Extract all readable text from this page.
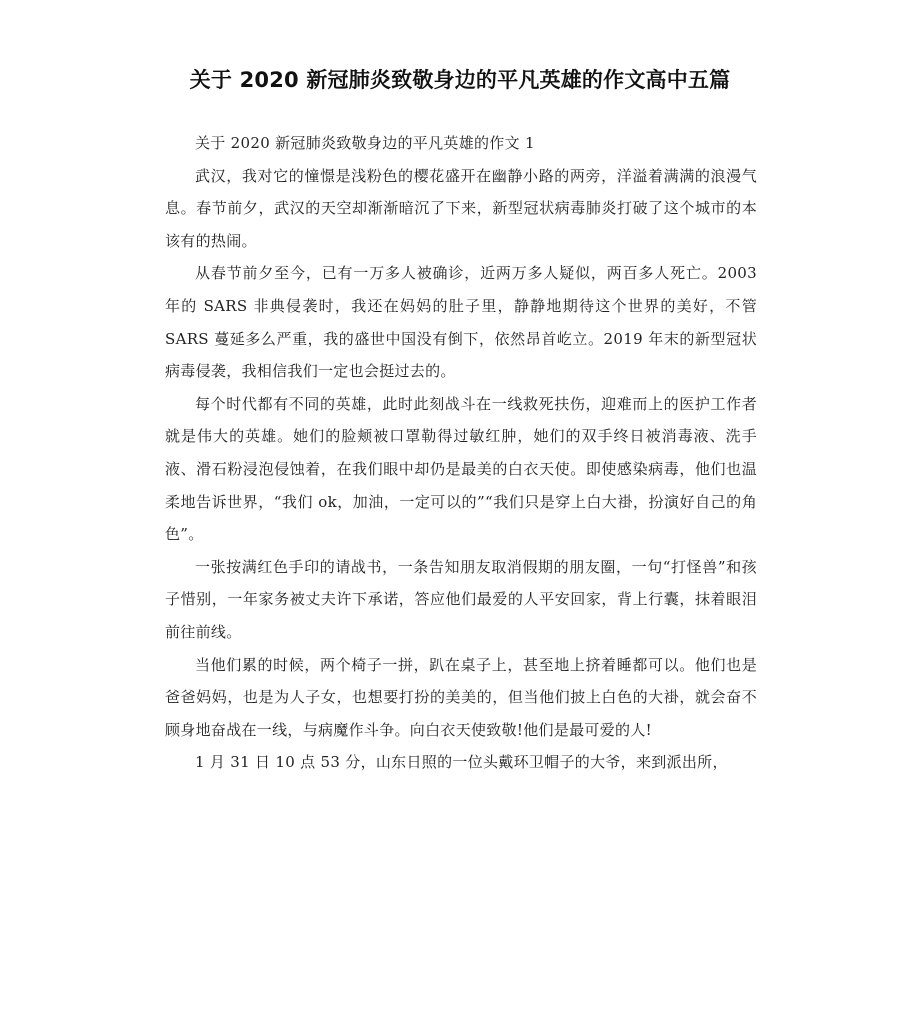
关于 2020 新冠肺炎致敬身边的平凡英雄的作文高中五篇

关于 2020 新冠肺炎致敬身边的平凡英雄的作文 1

武汉，我对它的憧憬是浅粉色的樱花盛开在幽静小路的两旁，洋溢着满满的浪漫气息。春节前夕，武汉的天空却渐渐暗沉了下来，新型冠状病毒肺炎打破了这个城市的本该有的热闹。

从春节前夕至今，已有一万多人被确诊，近两万多人疑似，两百多人死亡。2003 年的 SARS 非典侵袭时，我还在妈妈的肚子里，静静地期待这个世界的美好，不管 SARS 蔓延多么严重，我的盛世中国没有倒下，依然昂首屹立。2019 年末的新型冠状病毒侵袭，我相信我们一定也会挺过去的。

每个时代都有不同的英雄，此时此刻战斗在一线救死扶伤，迎难而上的医护工作者就是伟大的英雄。她们的脸颊被口罩勒得过敏红肿，她们的双手终日被消毒液、洗手液、滑石粉浸泡侵蚀着，在我们眼中却仍是最美的白衣天使。即使感染病毒，他们也温柔地告诉世界，“我们 ok，加油，一定可以的”“我们只是穿上白大褂，扮演好自己的角色”。

一张按满红色手印的请战书，一条告知朋友取消假期的朋友圈，一句“打怪兽”和孩子惜别，一年家务被丈夫许下承诺，答应他们最爱的人平安回家，背上行囊，抹着眼泪前往前线。

当他们累的时候，两个椅子一拼，趴在桌子上，甚至地上挤着睡都可以。他们也是爸爸妈妈，也是为人子女，也想要打扮的美美的，但当他们披上白色的大褂，就会奋不顾身地奋战在一线，与病魔作斗争。向白衣天使致敬!他们是最可爱的人!

1 月 31 日 10 点 53 分，山东日照的一位头戴环卫帽子的大爷，来到派出所，
